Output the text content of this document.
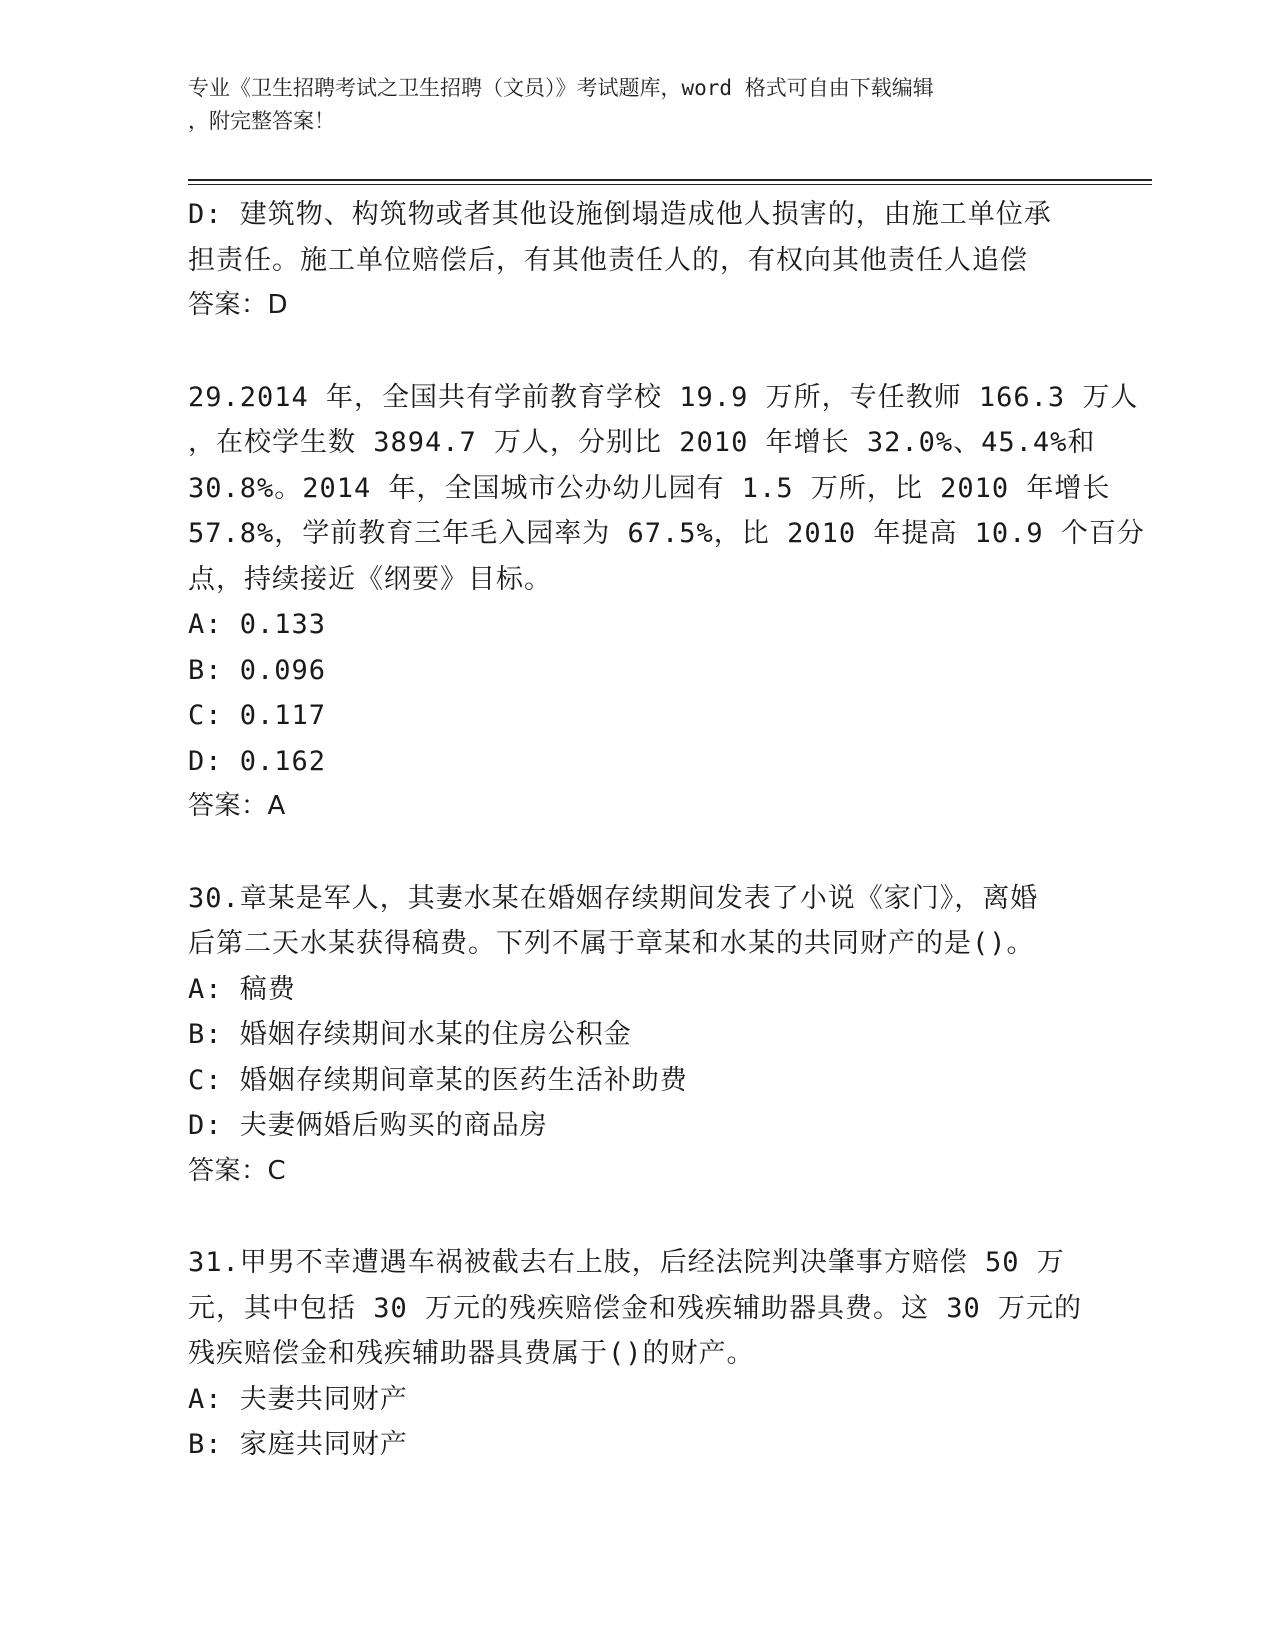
专业《卫生招聘考试之卫生招聘（文员）》考试题库，word 格式可自由下载编辑
，附完整答案！
D: 建筑物、构筑物或者其他设施倒塌造成他人损害的，由施工单位承
担责任。施工单位赔偿后，有其他责任人的，有权向其他责任人追偿
答案：D
29.2014 年，全国共有学前教育学校 19.9 万所，专任教师 166.3 万人
，在校学生数 3894.7 万人，分别比 2010 年增长 32.0%、45.4%和
30.8%。2014 年，全国城市公办幼儿园有 1.5 万所，比 2010 年增长
57.8%，学前教育三年毛入园率为 67.5%，比 2010 年提高 10.9 个百分
点，持续接近《纲要》目标。
A: 0.133
B: 0.096
C: 0.117
D: 0.162
答案：A
30.章某是军人，其妻水某在婚姻存续期间发表了小说《家门》，离婚
后第二天水某获得稿费。下列不属于章某和水某的共同财产的是()。
A: 稿费
B: 婚姻存续期间水某的住房公积金
C: 婚姻存续期间章某的医药生活补助费
D: 夫妻俩婚后购买的商品房
答案：C
31.甲男不幸遭遇车祸被截去右上肢，后经法院判决肇事方赔偿 50 万
元，其中包括 30 万元的残疾赔偿金和残疾辅助器具费。这 30 万元的
残疾赔偿金和残疾辅助器具费属于()的财产。
A: 夫妻共同财产
B: 家庭共同财产
